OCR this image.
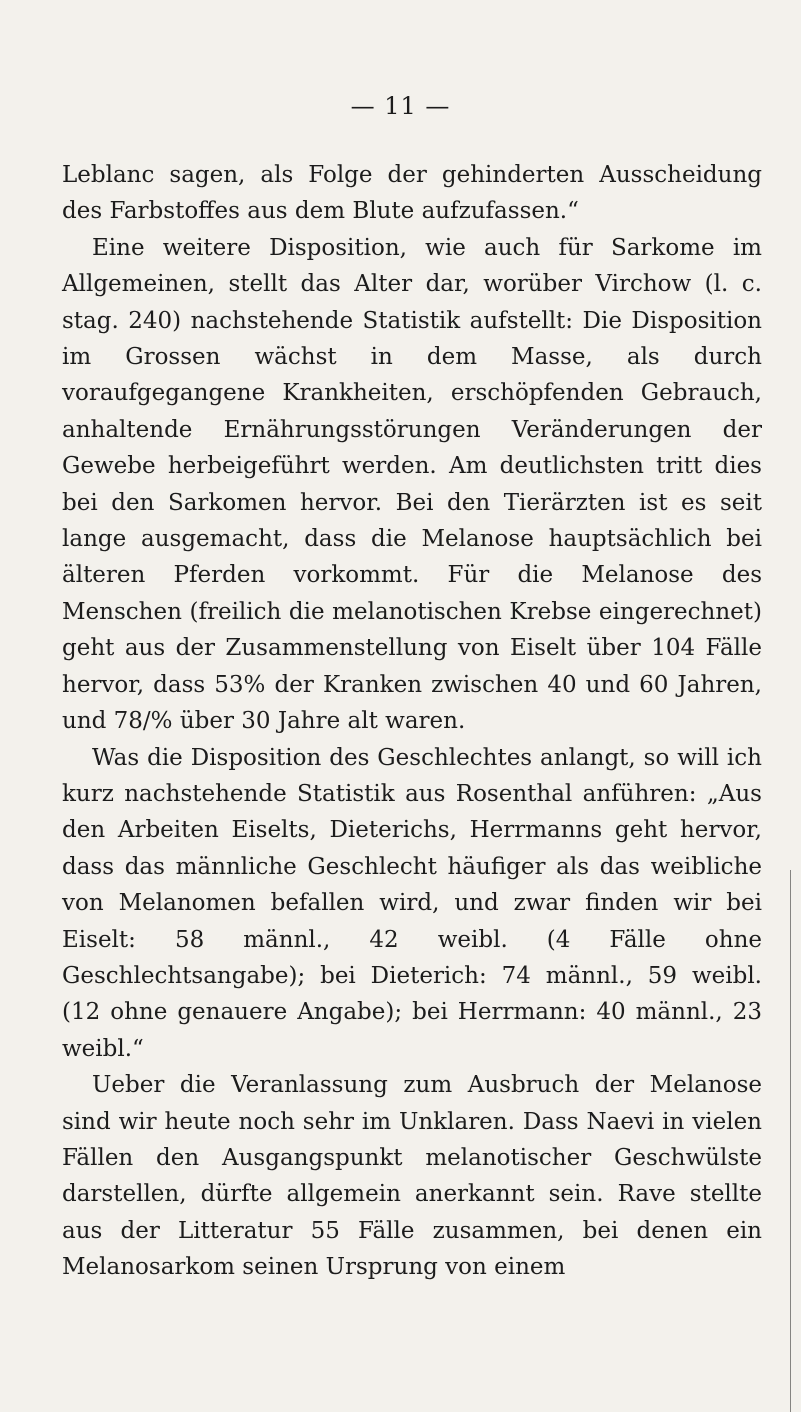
— 11 —

Leblanc sagen, als Folge der gehinderten Ausscheidung des Farbstoffes aus dem Blute aufzufassen.“

Eine weitere Disposition, wie auch für Sarkome im Allgemeinen, stellt das Alter dar, worüber Virchow (l. c. stag. 240) nachstehende Statistik aufstellt: Die Disposition im Grossen wächst in dem Masse, als durch voraufgegangene Krankheiten, erschöpfenden Gebrauch, anhaltende Ernährungsstörungen Veränderungen der Gewebe herbeigeführt werden. Am deutlichsten tritt dies bei den Sarkomen hervor. Bei den Tierärzten ist es seit lange ausgemacht, dass die Melanose hauptsächlich bei älteren Pferden vorkommt. Für die Melanose des Menschen (freilich die melanotischen Krebse eingerechnet) geht aus der Zusammenstellung von Eiselt über 104 Fälle hervor, dass 53% der Kranken zwischen 40 und 60 Jahren, und 78/% über 30 Jahre alt waren.

Was die Disposition des Geschlechtes anlangt, so will ich kurz nachstehende Statistik aus Rosenthal anführen: „Aus den Arbeiten Eiselts, Dieterichs, Herrmanns geht hervor, dass das männliche Geschlecht häufiger als das weibliche von Melanomen befallen wird, und zwar finden wir bei Eiselt: 58 männl., 42 weibl. (4 Fälle ohne Geschlechtsangabe); bei Dieterich: 74 männl., 59 weibl. (12 ohne genauere Angabe); bei Herrmann: 40 männl., 23 weibl.“

Ueber die Veranlassung zum Ausbruch der Melanose sind wir heute noch sehr im Unklaren. Dass Naevi in vielen Fällen den Ausgangspunkt melanotischer Geschwülste darstellen, dürfte allgemein anerkannt sein. Rave stellte aus der Litteratur 55 Fälle zusammen, bei denen ein Melanosarkom seinen Ursprung von einem
